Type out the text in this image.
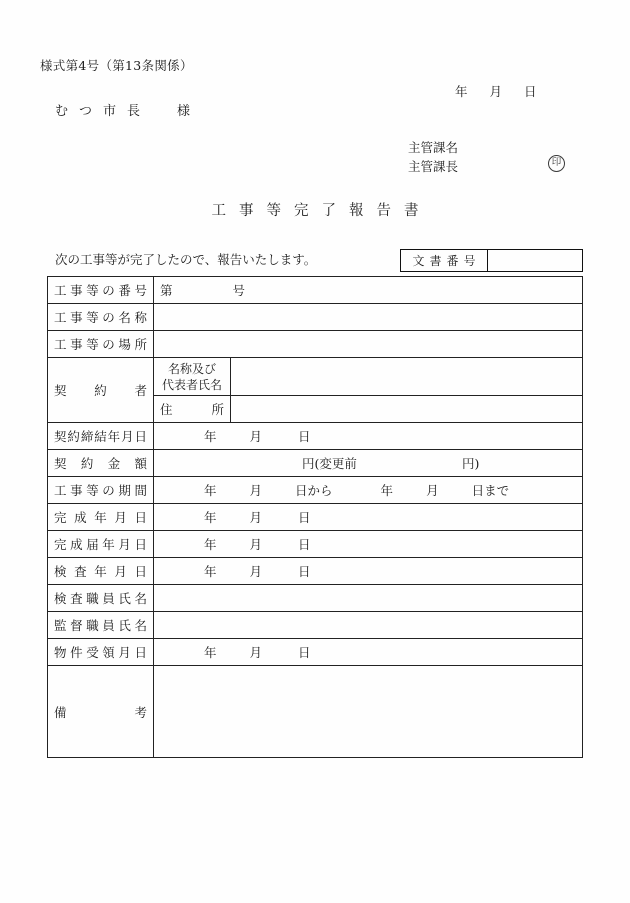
様式第4号（第13条関係）
年 月 日
むつ市長 様
主管課名
主管課長	印
工事等完了報告書
次の工事等が完了したので、報告いたします。	文書番号
工事等の番号	第 号	
工事等の名称		
工事等の場所		
契約者	名称及び
代表者氏名	
	住所	
契約締結年月日	年 月 日	
契約金額	円(変更前 円)	

工事等の期間	年 月 日から 年 月 日まで	
完成年月日	年 月 日	
完成届年月日	年 月 日	
検査年月日	年 月 日	
検査職員氏名		
監督職員氏名		
物件受領月日	年 月 日	
備考		
